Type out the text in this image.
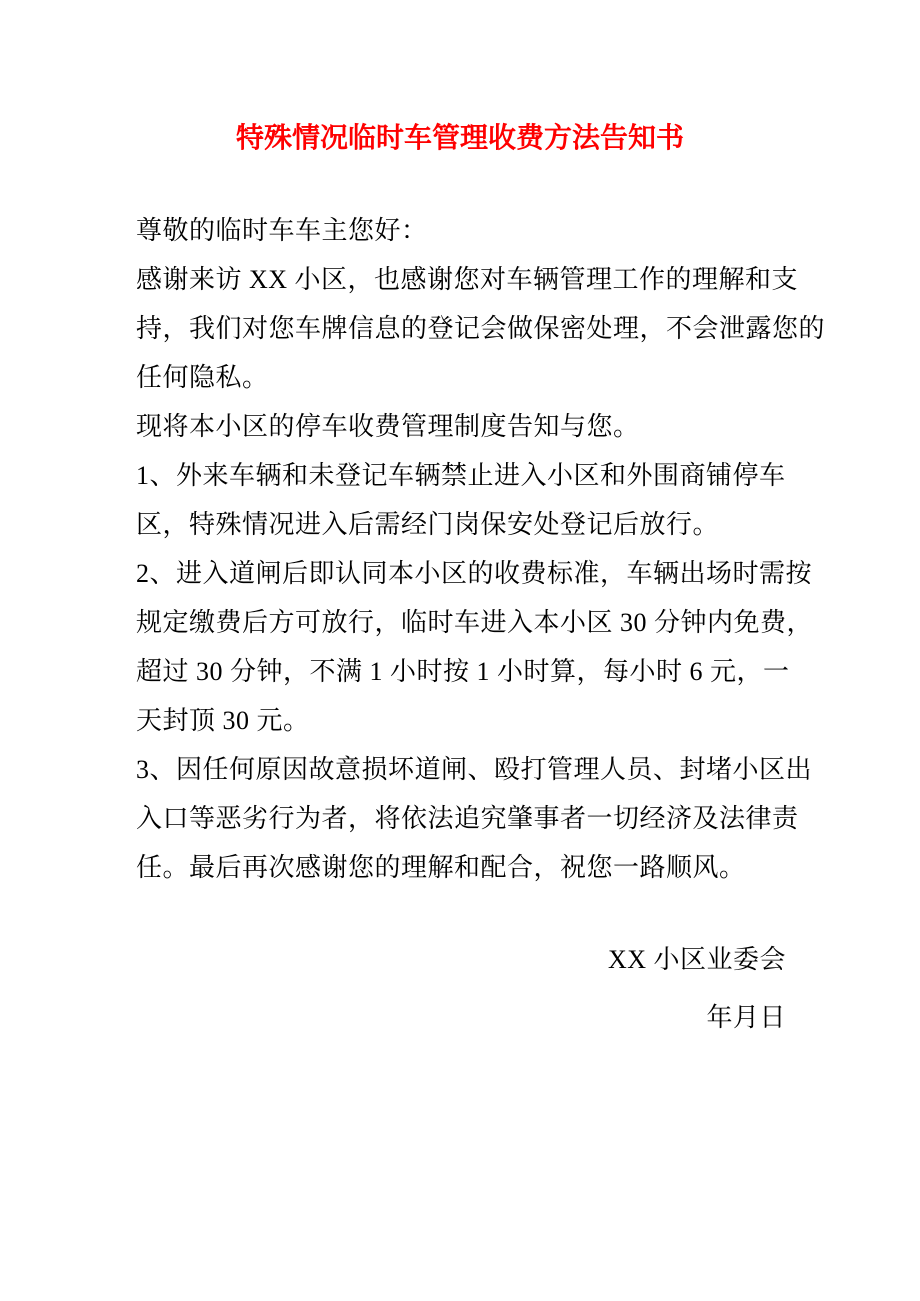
特殊情况临时车管理收费方法告知书
尊敬的临时车车主您好：
感谢来访 XX 小区，也感谢您对车辆管理工作的理解和支
持，我们对您车牌信息的登记会做保密处理，不会泄露您的
任何隐私。
现将本小区的停车收费管理制度告知与您。
1、外来车辆和未登记车辆禁止进入小区和外围商铺停车
区，特殊情况进入后需经门岗保安处登记后放行。
2、进入道闸后即认同本小区的收费标准，车辆出场时需按
规定缴费后方可放行，临时车进入本小区 30 分钟内免费，
超过 30 分钟，不满 1 小时按 1 小时算，每小时 6 元，一
天封顶 30 元。
3、因任何原因故意损坏道闸、殴打管理人员、封堵小区出
入口等恶劣行为者，将依法追究肇事者一切经济及法律责
任。最后再次感谢您的理解和配合，祝您一路顺风。
XX 小区业委会
年月日
